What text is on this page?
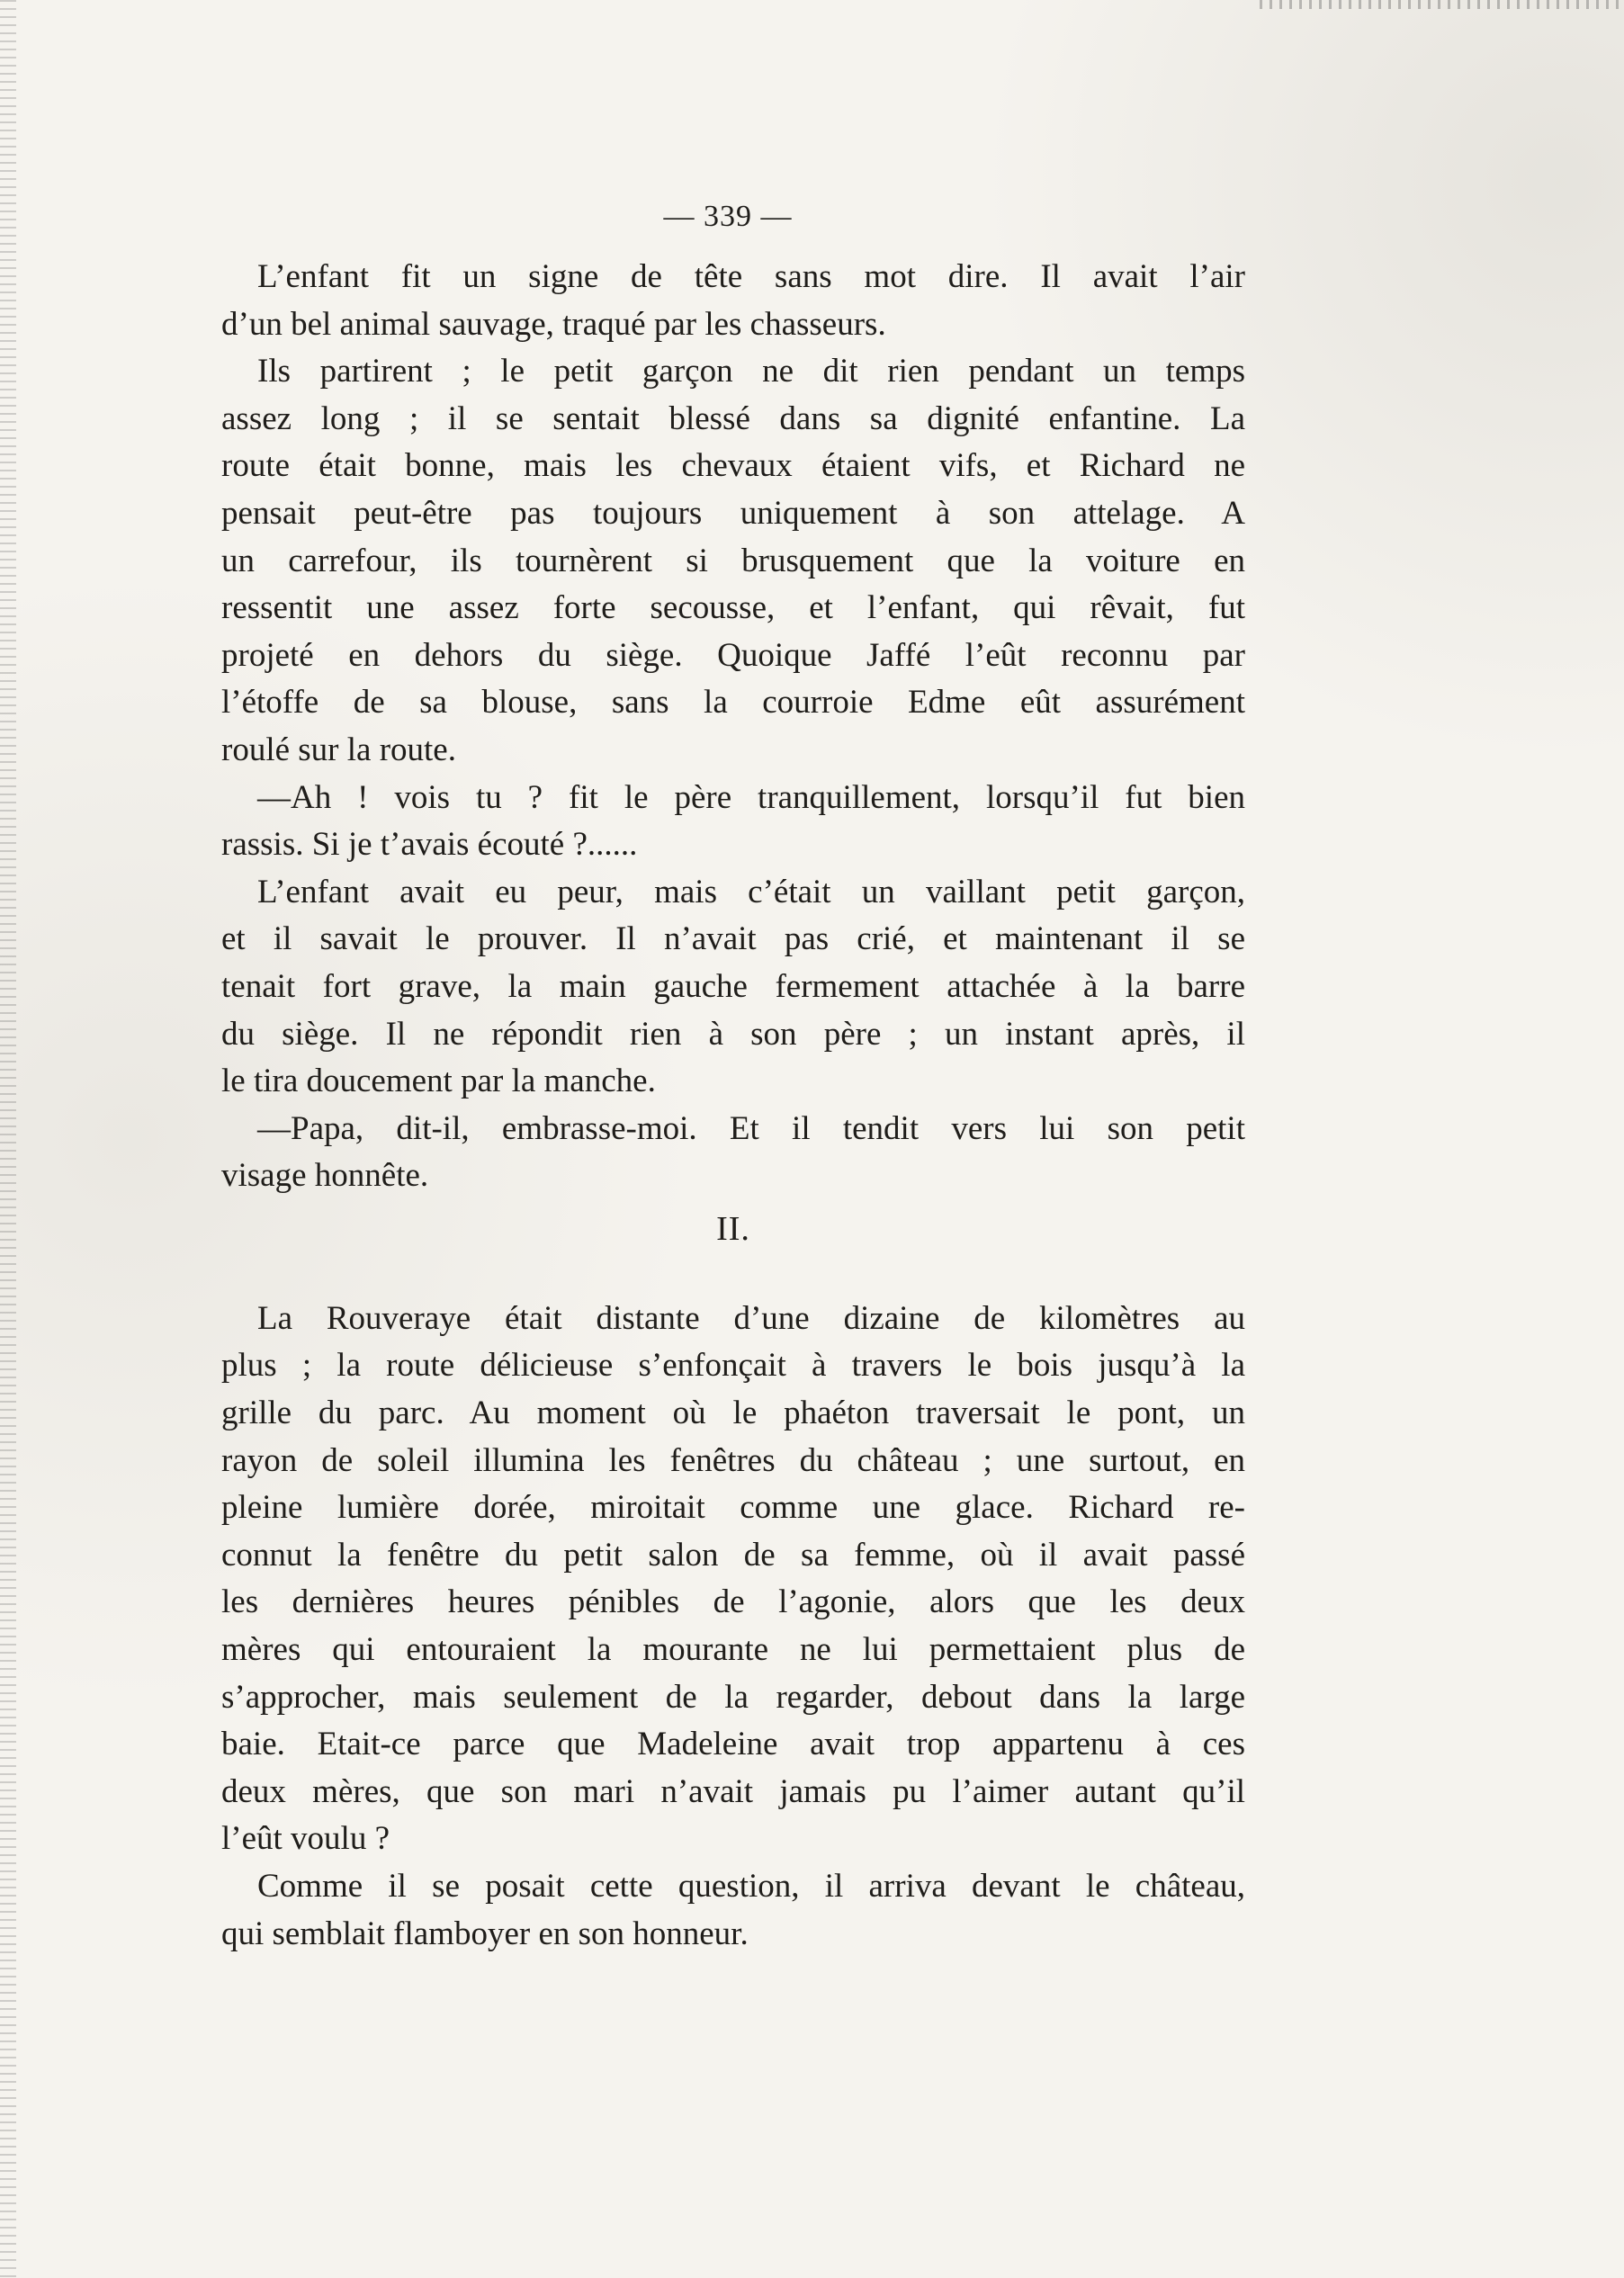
— 339 —
L’enfant fit un signe de tête sans mot dire. Il avait l’air
d’un bel animal sauvage, traqué par les chasseurs.
Ils partirent ; le petit garçon ne dit rien pendant un temps
assez long ; il se sentait blessé dans sa dignité enfantine. La
route était bonne, mais les chevaux étaient vifs, et Richard ne
pensait peut-être pas toujours uniquement à son attelage. A
un carrefour, ils tournèrent si brusquement que la voiture en
ressentit une assez forte secousse, et l’enfant, qui rêvait, fut
projeté en dehors du siège. Quoique Jaffé l’eût reconnu par
l’étoffe de sa blouse, sans la courroie Edme eût assurément
roulé sur la route.
—Ah ! vois tu ? fit le père tranquillement, lorsqu’il fut bien
rassis. Si je t’avais écouté ?......
L’enfant avait eu peur, mais c’était un vaillant petit garçon,
et il savait le prouver. Il n’avait pas crié, et maintenant il se
tenait fort grave, la main gauche fermement attachée à la barre
du siège. Il ne répondit rien à son père ; un instant après, il
le tira doucement par la manche.
—Papa, dit-il, embrasse-moi. Et il tendit vers lui son petit
visage honnête.
II.
La Rouveraye était distante d’une dizaine de kilomètres au
plus ; la route délicieuse s’enfonçait à travers le bois jusqu’à la
grille du parc. Au moment où le phaéton traversait le pont, un
rayon de soleil illumina les fenêtres du château ; une surtout, en
pleine lumière dorée, miroitait comme une glace. Richard re-
connut la fenêtre du petit salon de sa femme, où il avait passé
les dernières heures pénibles de l’agonie, alors que les deux
mères qui entouraient la mourante ne lui permettaient plus de
s’approcher, mais seulement de la regarder, debout dans la large
baie. Etait-ce parce que Madeleine avait trop appartenu à ces
deux mères, que son mari n’avait jamais pu l’aimer autant qu’il
l’eût voulu ?
Comme il se posait cette question, il arriva devant le château,
qui semblait flamboyer en son honneur.
